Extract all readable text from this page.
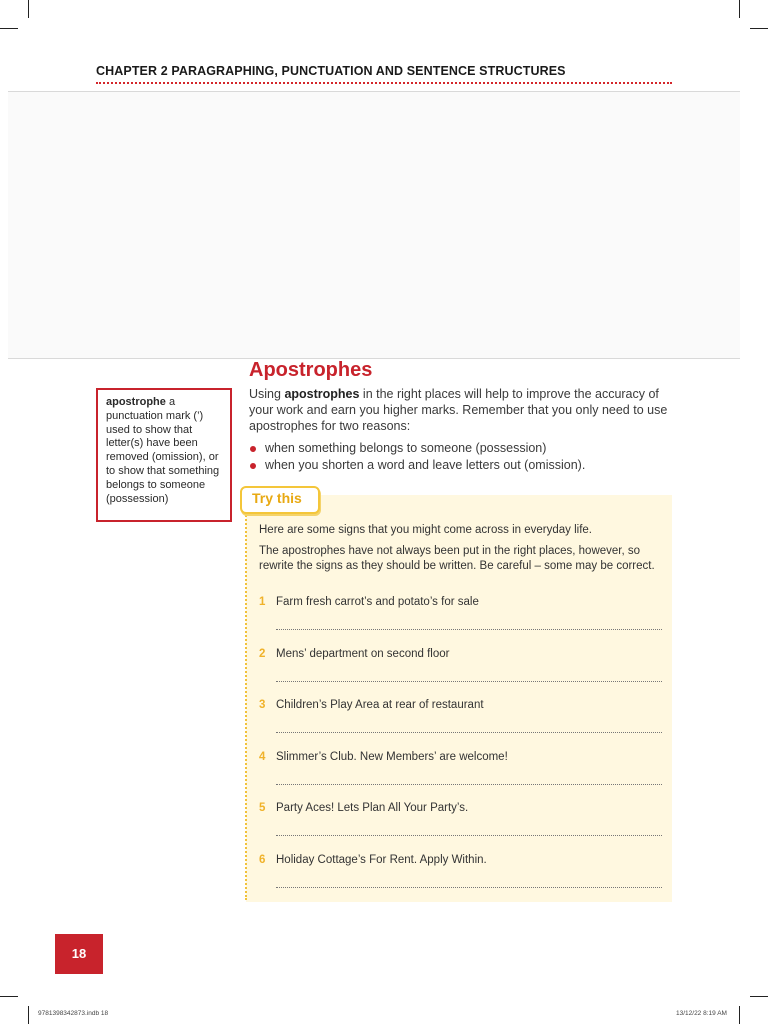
CHAPTER 2 PARAGRAPHING, PUNCTUATION AND SENTENCE STRUCTURES
apostrophe a punctuation mark (’) used to show that letter(s) have been removed (omission), or to show that something belongs to someone (possession)
Apostrophes
Using apostrophes in the right places will help to improve the accuracy of your work and earn you higher marks. Remember that you only need to use apostrophes for two reasons:
when something belongs to someone (possession)
when you shorten a word and leave letters out (omission).
Try this
Here are some signs that you might come across in everyday life.
The apostrophes have not always been put in the right places, however, so rewrite the signs as they should be written. Be careful – some may be correct.
1 Farm fresh carrot’s and potato’s for sale
2 Mens’ department on second floor
3 Children’s Play Area at rear of restaurant
4 Slimmer’s Club. New Members’ are welcome!
5 Party Aces! Lets Plan All Your Party’s.
6 Holiday Cottage’s For Rent. Apply Within.
18
9781398342873.indb 18	13/12/22 8:19 AM
